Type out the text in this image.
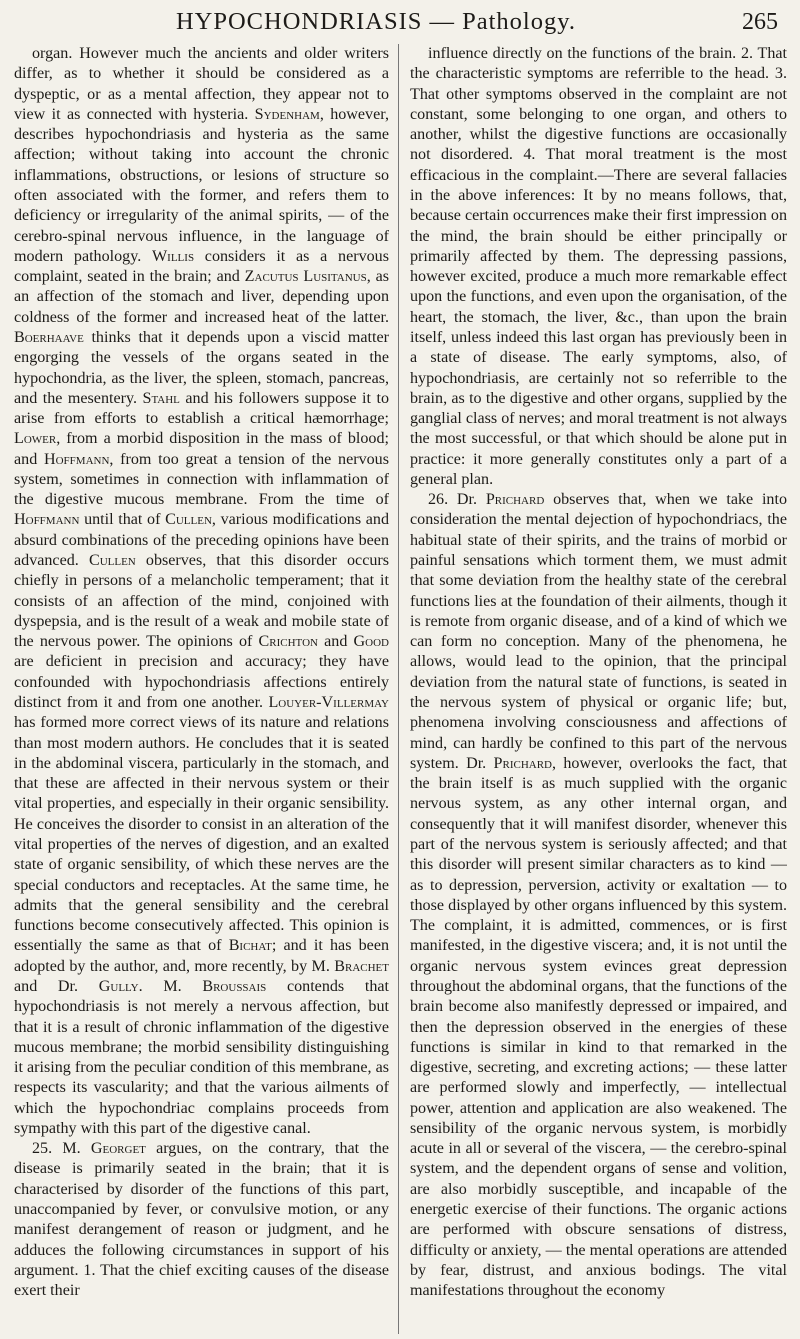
HYPOCHONDRIASIS — Pathology.	265

organ. However much the ancients and older writers differ, as to whether it should be considered as a dyspeptic, or as a mental affection, they appear not to view it as connected with hysteria. Sydenham, however, describes hypochondriasis and hysteria as the same affection; without taking into account the chronic inflammations, obstructions, or lesions of structure so often associated with the former, and refers them to deficiency or irregularity of the animal spirits, — of the cerebro-spinal nervous influence, in the language of modern pathology. Willis considers it as a nervous complaint, seated in the brain; and Zacutus Lusitanus, as an affection of the stomach and liver, depending upon coldness of the former and increased heat of the latter. Boerhaave thinks that it depends upon a viscid matter engorging the vessels of the organs seated in the hypochondria, as the liver, the spleen, stomach, pancreas, and the mesentery. Stahl and his followers suppose it to arise from efforts to establish a critical hæmorrhage; Lower, from a morbid disposition in the mass of blood; and Hoffmann, from too great a tension of the nervous system, sometimes in connection with inflammation of the digestive mucous membrane. From the time of Hoffmann until that of Cullen, various modifications and absurd combinations of the preceding opinions have been advanced. Cullen observes, that this disorder occurs chiefly in persons of a melancholic temperament; that it consists of an affection of the mind, conjoined with dyspepsia, and is the result of a weak and mobile state of the nervous power. The opinions of Crichton and Good are deficient in precision and accuracy; they have confounded with hypochondriasis affections entirely distinct from it and from one another. Louyer-Villermay has formed more correct views of its nature and relations than most modern authors. He concludes that it is seated in the abdominal viscera, particularly in the stomach, and that these are affected in their nervous system or their vital properties, and especially in their organic sensibility. He conceives the disorder to consist in an alteration of the vital properties of the nerves of digestion, and an exalted state of organic sensibility, of which these nerves are the special conductors and receptacles. At the same time, he admits that the general sensibility and the cerebral functions become consecutively affected. This opinion is essentially the same as that of Bichat; and it has been adopted by the author, and, more recently, by M. Brachet and Dr. Gully. M. Broussais contends that hypochondriasis is not merely a nervous affection, but that it is a result of chronic inflammation of the digestive mucous membrane; the morbid sensibility distinguishing it arising from the peculiar condition of this membrane, as respects its vascularity; and that the various ailments of which the hypochondriac complains proceeds from sympathy with this part of the digestive canal.

25. M. Georget argues, on the contrary, that the disease is primarily seated in the brain; that it is characterised by disorder of the functions of this part, unaccompanied by fever, or convulsive motion, or any manifest derangement of reason or judgment, and he adduces the following circumstances in support of his argument. 1. That the chief exciting causes of the disease exert their

influence directly on the functions of the brain. 2. That the characteristic symptoms are referrible to the head. 3. That other symptoms observed in the complaint are not constant, some belonging to one organ, and others to another, whilst the digestive functions are occasionally not disordered. 4. That moral treatment is the most efficacious in the complaint.—There are several fallacies in the above inferences: It by no means follows, that, because certain occurrences make their first impression on the mind, the brain should be either principally or primarily affected by them. The depressing passions, however excited, produce a much more remarkable effect upon the functions, and even upon the organisation, of the heart, the stomach, the liver, &c., than upon the brain itself, unless indeed this last organ has previously been in a state of disease. The early symptoms, also, of hypochondriasis, are certainly not so referrible to the brain, as to the digestive and other organs, supplied by the ganglial class of nerves; and moral treatment is not always the most successful, or that which should be alone put in practice: it more generally constitutes only a part of a general plan.

26. Dr. Prichard observes that, when we take into consideration the mental dejection of hypochondriacs, the habitual state of their spirits, and the trains of morbid or painful sensations which torment them, we must admit that some deviation from the healthy state of the cerebral functions lies at the foundation of their ailments, though it is remote from organic disease, and of a kind of which we can form no conception. Many of the phenomena, he allows, would lead to the opinion, that the principal deviation from the natural state of functions, is seated in the nervous system of physical or organic life; but, phenomena involving consciousness and affections of mind, can hardly be confined to this part of the nervous system. Dr. Prichard, however, overlooks the fact, that the brain itself is as much supplied with the organic nervous system, as any other internal organ, and consequently that it will manifest disorder, whenever this part of the nervous system is seriously affected; and that this disorder will present similar characters as to kind — as to depression, perversion, activity or exaltation — to those displayed by other organs influenced by this system. The complaint, it is admitted, commences, or is first manifested, in the digestive viscera; and, it is not until the organic nervous system evinces great depression throughout the abdominal organs, that the functions of the brain become also manifestly depressed or impaired, and then the depression observed in the energies of these functions is similar in kind to that remarked in the digestive, secreting, and excreting actions; — these latter are performed slowly and imperfectly, — intellectual power, attention and application are also weakened. The sensibility of the organic nervous system, is morbidly acute in all or several of the viscera, — the cerebro-spinal system, and the dependent organs of sense and volition, are also morbidly susceptible, and incapable of the energetic exercise of their functions. The organic actions are performed with obscure sensations of distress, difficulty or anxiety, — the mental operations are attended by fear, distrust, and anxious bodings. The vital manifestations throughout the economy
